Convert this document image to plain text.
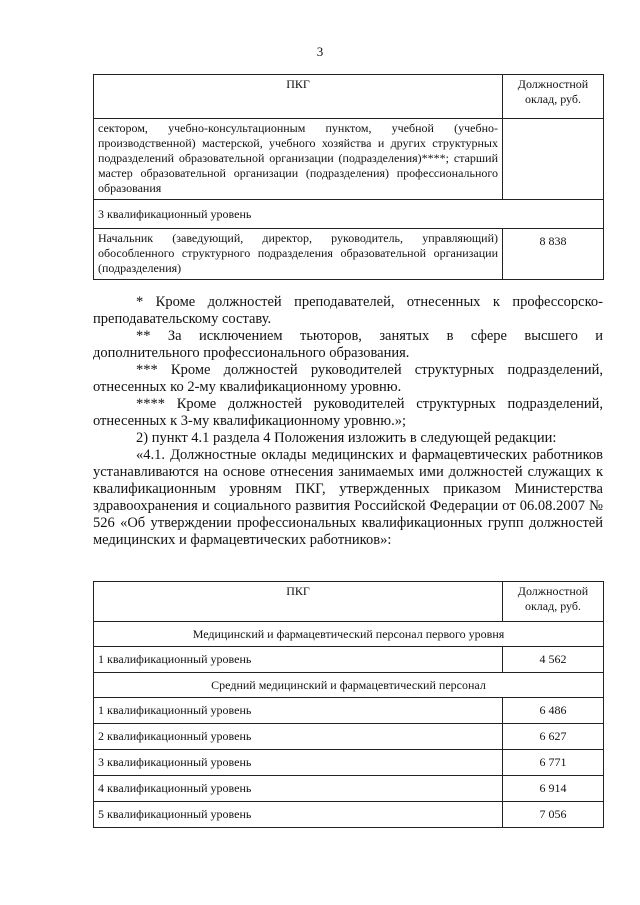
3
ПКГ	Должностной оклад, руб.
сектором, учебно-консультационным пунктом, учебной (учебно-производственной) мастерской, учебного хозяйства и других структурных подразделений образовательной организации (подразделения)****; старший мастер образовательной организации (подразделения) профессионального образования	
3 квалификационный уровень	
Начальник (заведующий, директор, руководитель, управляющий) обособленного структурного подразделения образовательной организации (подразделения)	8 838

* Кроме должностей преподавателей, отнесенных к профессорско-преподавательскому составу.

** За исключением тьюторов, занятых в сфере высшего и дополнительного профессионального образования.

*** Кроме должностей руководителей структурных подразделений, отнесенных ко 2-му квалификационному уровню.

**** Кроме должностей руководителей структурных подразделений, отнесенных к 3-му квалификационному уровню.»;

2) пункт 4.1 раздела 4 Положения изложить в следующей редакции:

«4.1. Должностные оклады медицинских и фармацевтических работников устанавливаются на основе отнесения занимаемых ими должностей служащих к квалификационным уровням ПКГ, утвержденных приказом Министерства здравоохранения и социального развития Российской Федерации от 06.08.2007 № 526 «Об утверждении профессиональных квалификационных групп должностей медицинских и фармацевтических работников»:

ПКГ	Должностной оклад, руб.
Медицинский и фармацевтический персонал первого уровня	
1 квалификационный уровень	4 562
Средний медицинский и фармацевтический персонал	
1 квалификационный уровень	6 486
2 квалификационный уровень	6 627
3 квалификационный уровень	6 771
4 квалификационный уровень	6 914
5 квалификационный уровень	7 056
